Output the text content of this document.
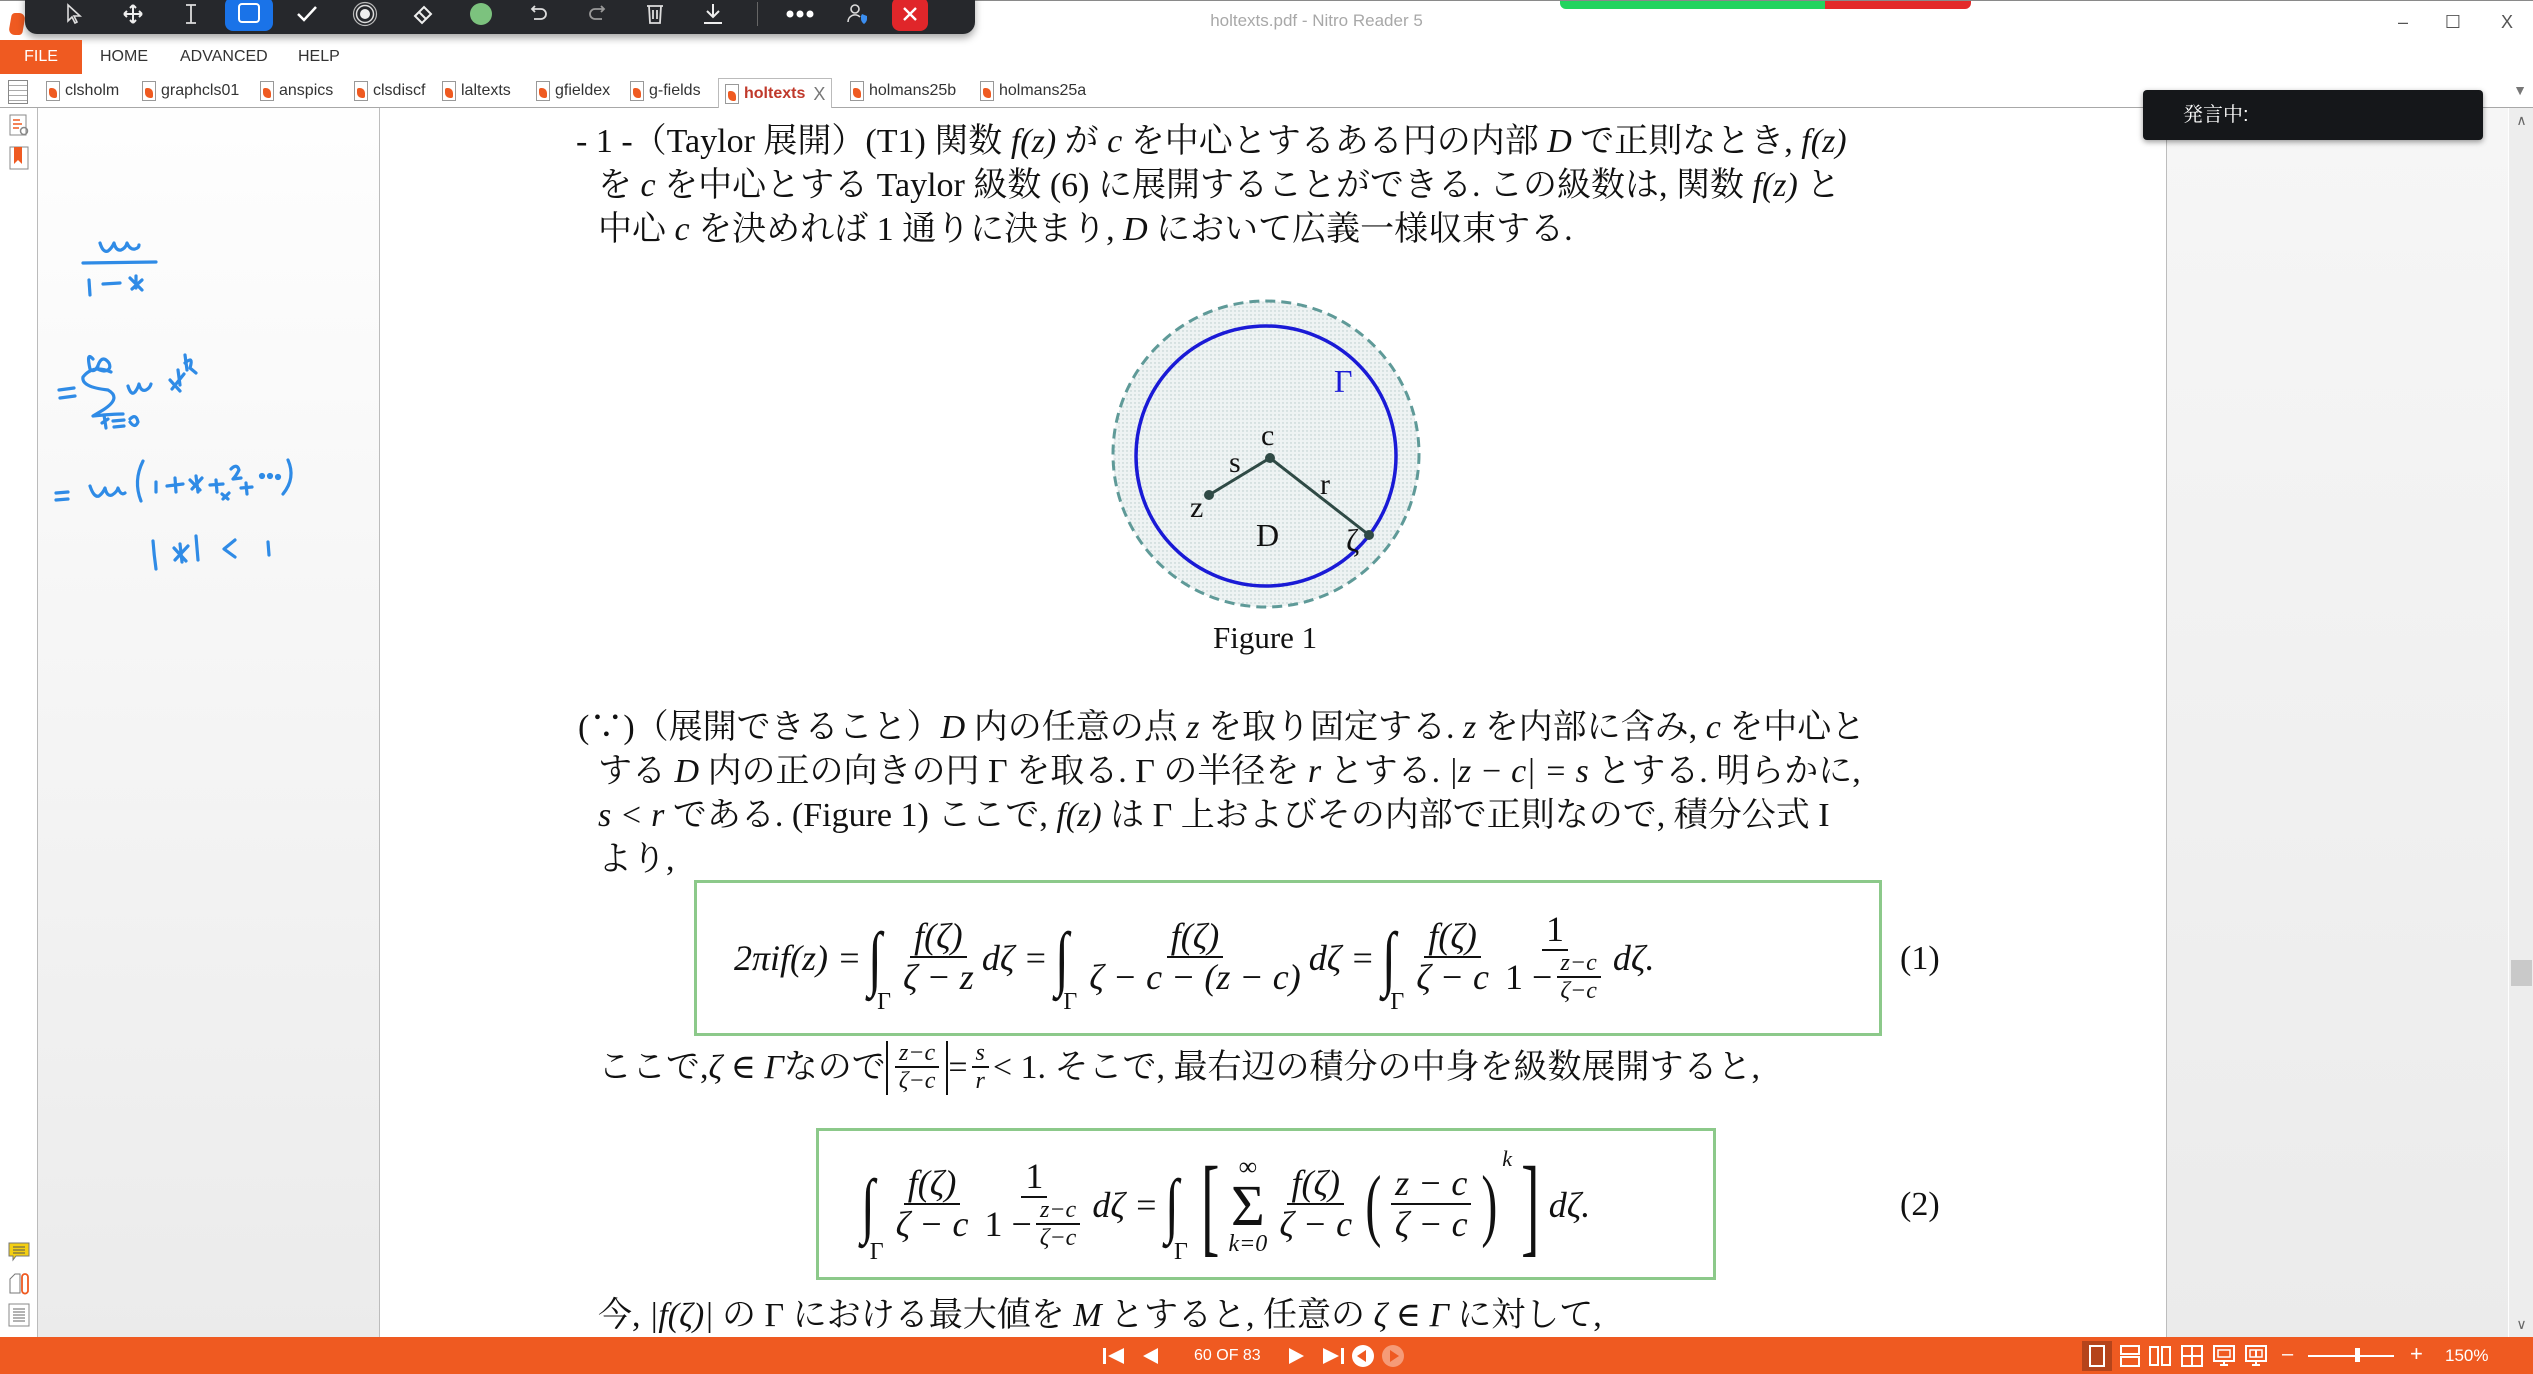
holtexts.pdf - Nitro Reader 5	–	☐	X
FILE	HOME ADVANCED HELP
clsholm	graphcls01 anspics clsdiscf laltexts	gfieldex g-fields	holtexts X	holmans25b	holmans25a	▼
- 1 -（Taylor 展開）(T1) 関数 f(z) が c を中心とするある円の内部 D で正則なとき, f(z)
を c を中心とする Taylor 級数 (6) に展開することができる. この級数は, 関数 f(z) と
中心 c を決めれば 1 通りに決まり, D において広義一様収束する.
Γ
c
s
r
z
D ζ
Figure 1
(∵)（展開できること）D 内の任意の点 z を取り固定する. z を内部に含み, c を中心と
する D 内の正の向きの円 Γ を取る. Γ の半径を r とする. |z − c| = s とする. 明らかに,
s < r である. (Figure 1) ここで, f(z) は Γ 上およびその内部で正則なので, 積分公式 I
より,
2πif(z) = ∫
Γ
$\frac{f(\zeta)}{\zeta - z}$ dζ = ∫
Γ
$\frac{f(\zeta)}{\zeta - c - (z - c)}$ dζ = ∫
Γ
$\frac{f(\zeta)}{\zeta - c} \frac{1}{1 - \frac{z-c}{\zeta-c}} d\zeta$.	(1)
ここで, ζ ∈ Γ なので $\frac{z-c}{\zeta-c} = \frac{s}{r} < 1$. そこで, 最右辺の積分の中身を級数展開すると,
∫
Γ
$\frac{f(\zeta)}{\zeta - c} \frac{1}{1 - \frac{z-c}{\zeta-c}}$ dζ = ∫
Γ [ ∞
Σ
$k=0 \frac{f(\zeta)}{\zeta - c}$ ( $\frac{z - c}{\zeta - c}$ )
k ] dζ.	(2)
今, |f(ζ)| の Γ における最大値を M とすると, 任意の ζ ∈ Γ に対して,
∧
∨
発言中:
60 OF 83	–	+ 150%
